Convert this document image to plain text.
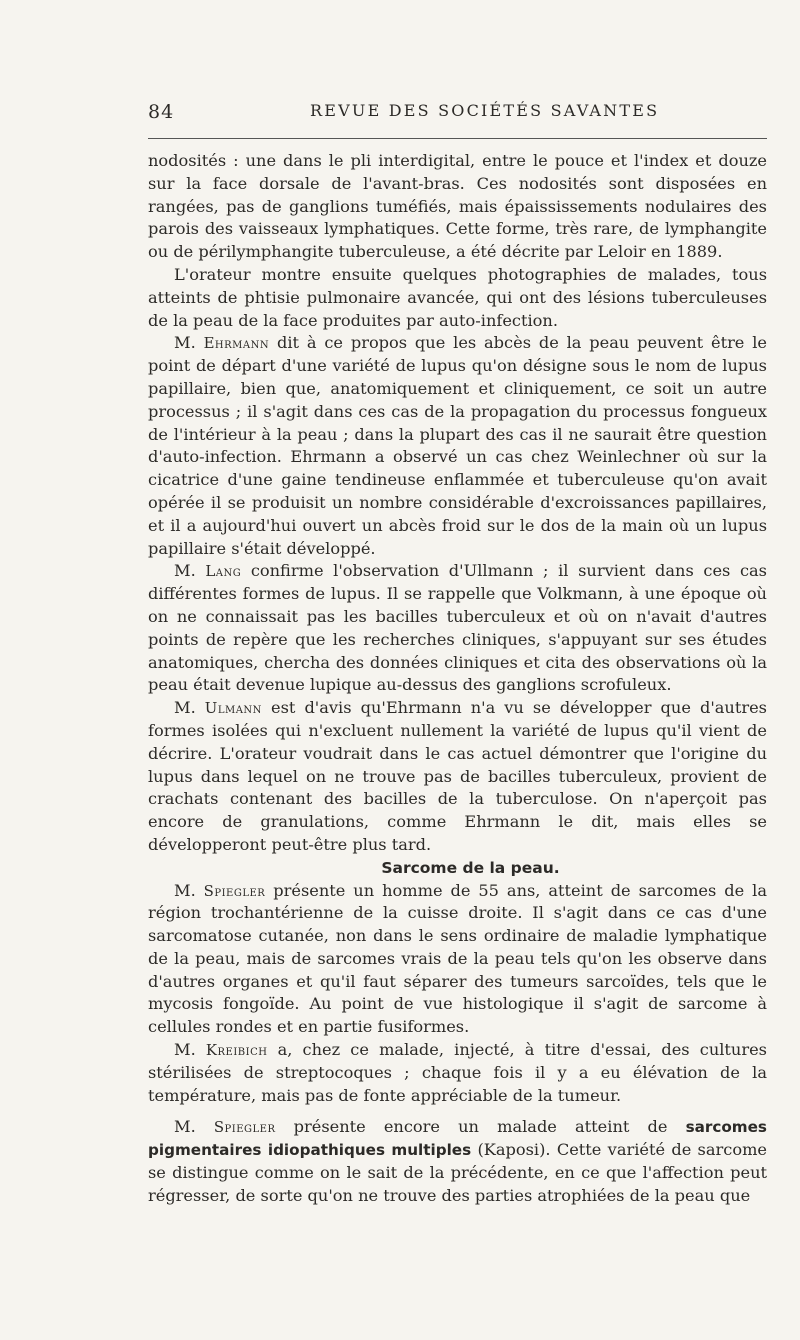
84	REVUE DES SOCIÉTÉS SAVANTES

nodosités : une dans le pli interdigital, entre le pouce et l'index et douze sur la face dorsale de l'avant-bras. Ces nodosités sont disposées en rangées, pas de ganglions tuméfiés, mais épaississements nodulaires des parois des vaisseaux lymphatiques. Cette forme, très rare, de lymphangite ou de périlymphangite tuberculeuse, a été décrite par Leloir en 1889.

L'orateur montre ensuite quelques photographies de malades, tous atteints de phtisie pulmonaire avancée, qui ont des lésions tuberculeuses de la peau de la face produites par auto-infection.

M. Ehrmann dit à ce propos que les abcès de la peau peuvent être le point de départ d'une variété de lupus qu'on désigne sous le nom de lupus papillaire, bien que, anatomiquement et cliniquement, ce soit un autre processus ; il s'agit dans ces cas de la propagation du processus fongueux de l'intérieur à la peau ; dans la plupart des cas il ne saurait être question d'auto-infection. Ehrmann a observé un cas chez Weinlechner où sur la cicatrice d'une gaine tendineuse enflammée et tuberculeuse qu'on avait opérée il se produisit un nombre considérable d'excroissances papillaires, et il a aujourd'hui ouvert un abcès froid sur le dos de la main où un lupus papillaire s'était développé.

M. Lang confirme l'observation d'Ullmann ; il survient dans ces cas différentes formes de lupus. Il se rappelle que Volkmann, à une époque où on ne connaissait pas les bacilles tuberculeux et où on n'avait d'autres points de repère que les recherches cliniques, s'appuyant sur ses études anatomiques, chercha des données cliniques et cita des observations où la peau était devenue lupique au-dessus des ganglions scrofuleux.

M. Ulmann est d'avis qu'Ehrmann n'a vu se développer que d'autres formes isolées qui n'excluent nullement la variété de lupus qu'il vient de décrire. L'orateur voudrait dans le cas actuel démontrer que l'origine du lupus dans lequel on ne trouve pas de bacilles tuberculeux, provient de crachats contenant des bacilles de la tuberculose. On n'aperçoit pas encore de granulations, comme Ehrmann le dit, mais elles se développeront peut-être plus tard.

Sarcome de la peau.

M. Spiegler présente un homme de 55 ans, atteint de sarcomes de la région trochantérienne de la cuisse droite. Il s'agit dans ce cas d'une sarcomatose cutanée, non dans le sens ordinaire de maladie lymphatique de la peau, mais de sarcomes vrais de la peau tels qu'on les observe dans d'autres organes et qu'il faut séparer des tumeurs sarcoïdes, tels que le mycosis fongoïde. Au point de vue histologique il s'agit de sarcome à cellules rondes et en partie fusiformes.

M. Kreibich a, chez ce malade, injecté, à titre d'essai, des cultures stérilisées de streptocoques ; chaque fois il y a eu élévation de la température, mais pas de fonte appréciable de la tumeur.

M. Spiegler présente encore un malade atteint de sarcomes pigmentaires idiopathiques multiples (Kaposi). Cette variété de sarcome se distingue comme on le sait de la précédente, en ce que l'affection peut régresser, de sorte qu'on ne trouve des parties atrophiées de la peau que
